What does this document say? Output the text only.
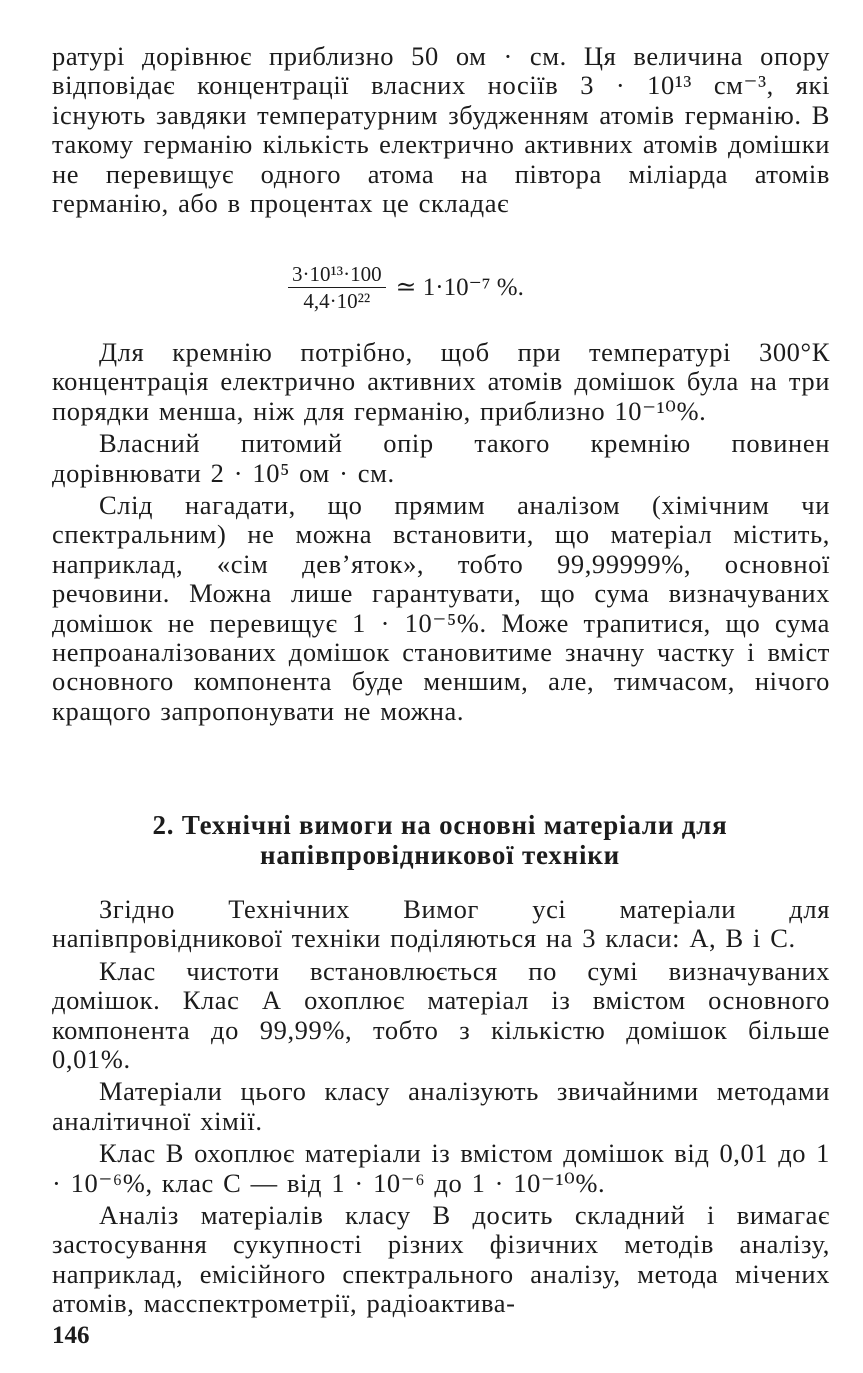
ратурі дорівнює приблизно 50 ом · см. Ця величина опору відповідає концентрації власних носіїв 3 · 10¹³ см⁻³, які існують завдяки температурним збудженням атомів германію. В такому германію кількість електрично активних атомів домішки не перевищує одного атома на півтора міліарда атомів германію, або в процентах це складає

$\frac{\text{3·10¹³·100}}{\text{4,4·10²²}}$ ≃ 1·10⁻⁷ %.

Для кремнію потрібно, щоб при температурі 300°К концентрація електрично активних атомів домішок була на три порядки менша, ніж для германію, приблизно 10⁻¹⁰%.

Власний питомий опір такого кремнію повинен дорівнювати 2 · 10⁵ ом · см.

Слід нагадати, що прямим аналізом (хімічним чи спектральним) не можна встановити, що матеріал містить, наприклад, «сім дев’яток», тобто 99,99999%, основної речовини. Можна лише гарантувати, що сума визначуваних домішок не перевищує 1 · 10⁻⁵%. Може трапитися, що сума непроаналізованих домішок становитиме значну частку і вміст основного компонента буде меншим, але, тимчасом, нічого кращого запропонувати не можна.

2. Технічні вимоги на основні матеріали для
напівпровідникової техніки

Згідно Технічних Вимог усі матеріали для напівпровідникової техніки поділяються на 3 класи: А, В і С.

Клас чистоти встановлюється по сумі визначуваних домішок. Клас А охоплює матеріал із вмістом основного компонента до 99,99%, тобто з кількістю домішок більше 0,01%.

Матеріали цього класу аналізують звичайними методами аналітичної хімії.

Клас В охоплює матеріали із вмістом домішок від 0,01 до 1 · 10⁻⁶%, клас С — від 1 · 10⁻⁶ до 1 · 10⁻¹⁰%.

Аналіз матеріалів класу В досить складний і вимагає застосування сукупності різних фізичних методів аналізу, наприклад, емісійного спектрального аналізу, метода мічених атомів, масспектрометрії, радіоактива-

146
